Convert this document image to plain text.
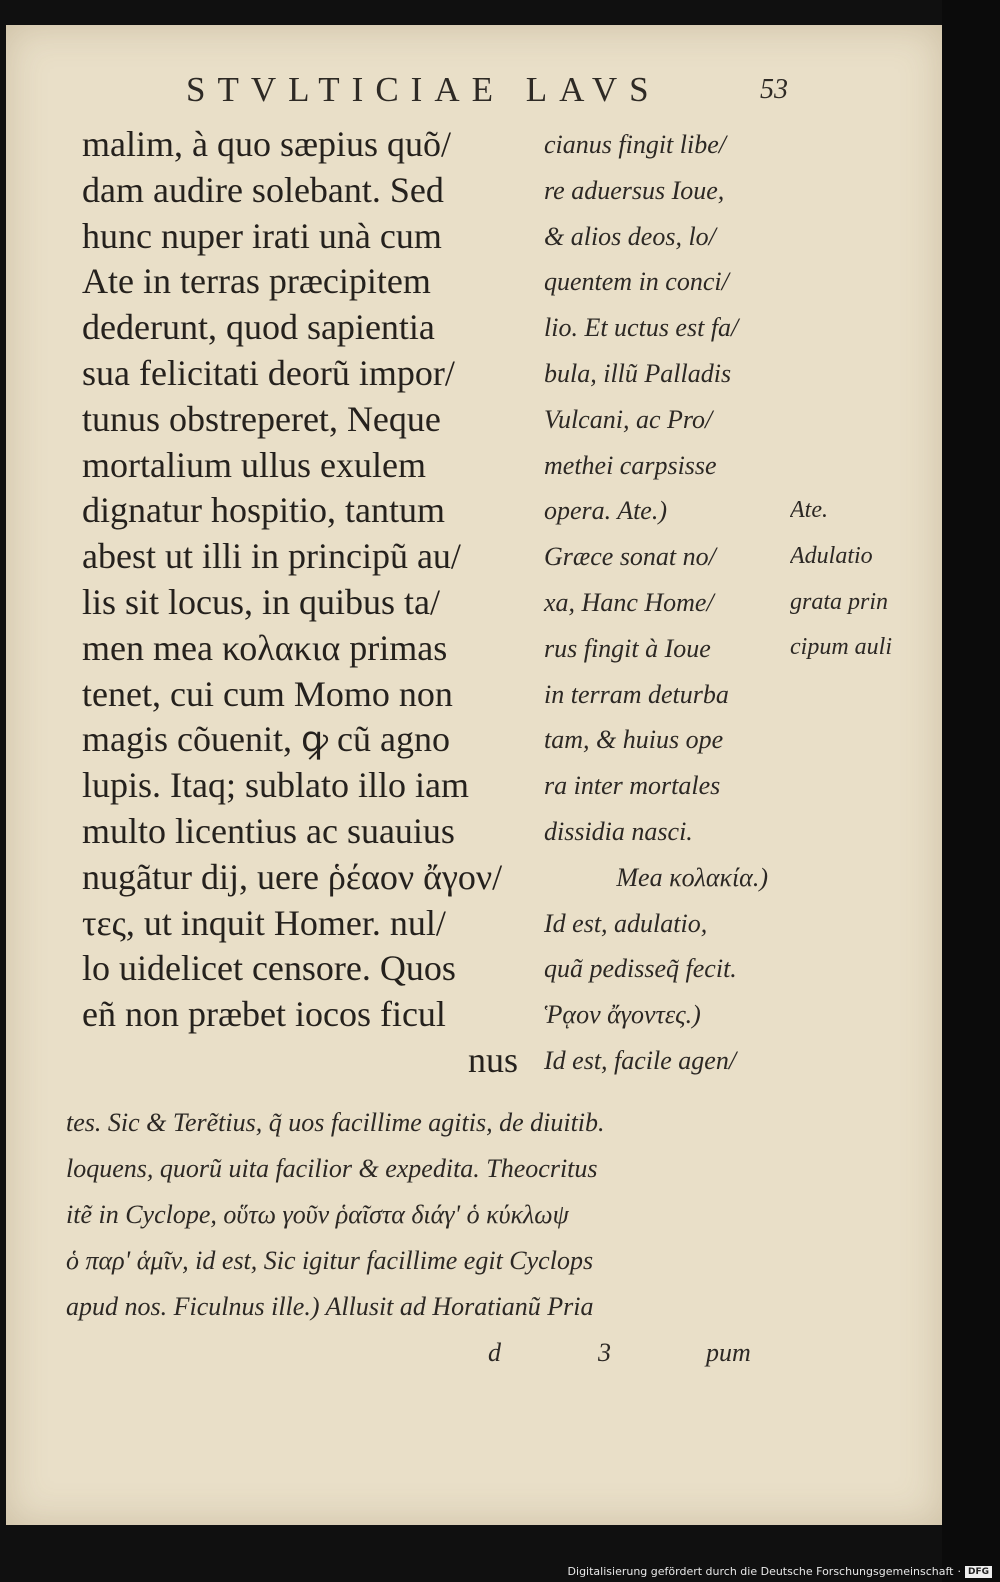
STVLTICIAE LAVS	53
malim, à quo sæpius quõ/
dam audire solebant. Sed
hunc nuper irati unà cum
Ate in terras præcipitem
dederunt, quod sapientia
sua felicitati deorũ impor/
tunus obstreperet, Neque
mortalium ullus exulem
dignatur hospitio, tantum
abest ut illi in principũ au/
lis sit locus, in quibus ta/
men mea κολακια primas
tenet, cui cum Momo non
magis cõuenit, ꝙ cũ agno
lupis. Itaq; sublato illo iam
multo licentius ac suauius
nugãtur dij, uere ῥέαον ἄγον/
τες, ut inquit Homer. nul/
lo uidelicet censore. Quos
eñ non præbet iocos ficul
nus
cianus fingit libe/
re aduersus Ioue,
& alios deos, lo/
quentem in conci/
lio. Et uctus est fa/
bula, illũ Palladis
Vulcani, ac Pro/
methei carpsisse
opera. Ate.)
Græce sonat no/
xa, Hanc Home/
rus fingit à Ioue
in terram deturba
tam, & huius ope
ra inter mortales
dissidia nasci.
Mea κολακία.)
Id est, adulatio,
quã pedisseq̃ fecit.
Ῥᾳον ἄγοντες.)
Id est, facile agen/
Ate.
Adulatio
grata prin
cipum auli
tes. Sic & Terẽtius, q̃ uos facillime agitis, de diuitib.
loquens, quorũ uita facilior & expedita. Theocritus
itẽ in Cyclope, οὕτω γοῦν ῥαῖστα διάγ' ὁ κύκλωψ
ὁ παρ' ἁμῖν, id est, Sic igitur facillime egit Cyclops
apud nos. Ficulnus ille.) Allusit ad Horatianũ Pria
d	3	pum
Digitalisierung gefördert durch die Deutsche Forschungsgemeinschaft · DFG
